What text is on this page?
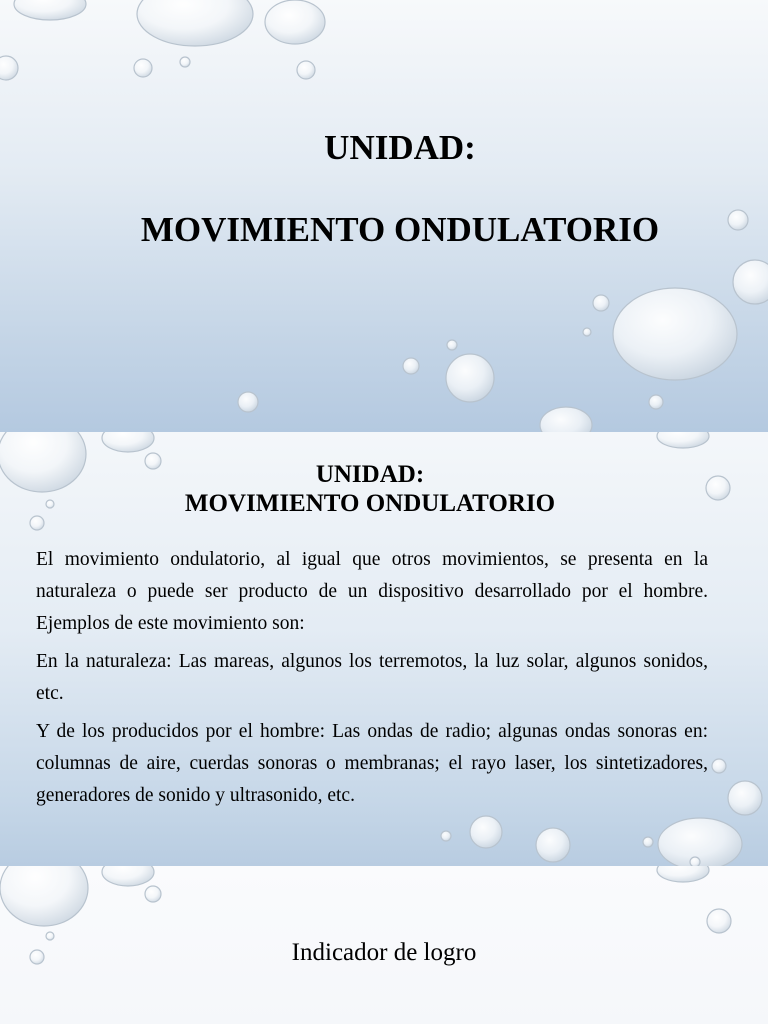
UNIDAD:
MOVIMIENTO ONDULATORIO
UNIDAD:
MOVIMIENTO ONDULATORIO

El movimiento ondulatorio, al igual que otros movimientos, se presenta en la naturaleza o puede ser producto de un dispositivo desarrollado por el hombre. Ejemplos de este movimiento son:

En la naturaleza: Las mareas, algunos los terremotos, la luz solar, algunos sonidos, etc.

Y de los producidos por el hombre: Las ondas de radio; algunas ondas sonoras en: columnas de aire, cuerdas sonoras o membranas; el rayo laser, los sintetizadores, generadores de sonido y ultrasonido, etc.

Indicador de logro
